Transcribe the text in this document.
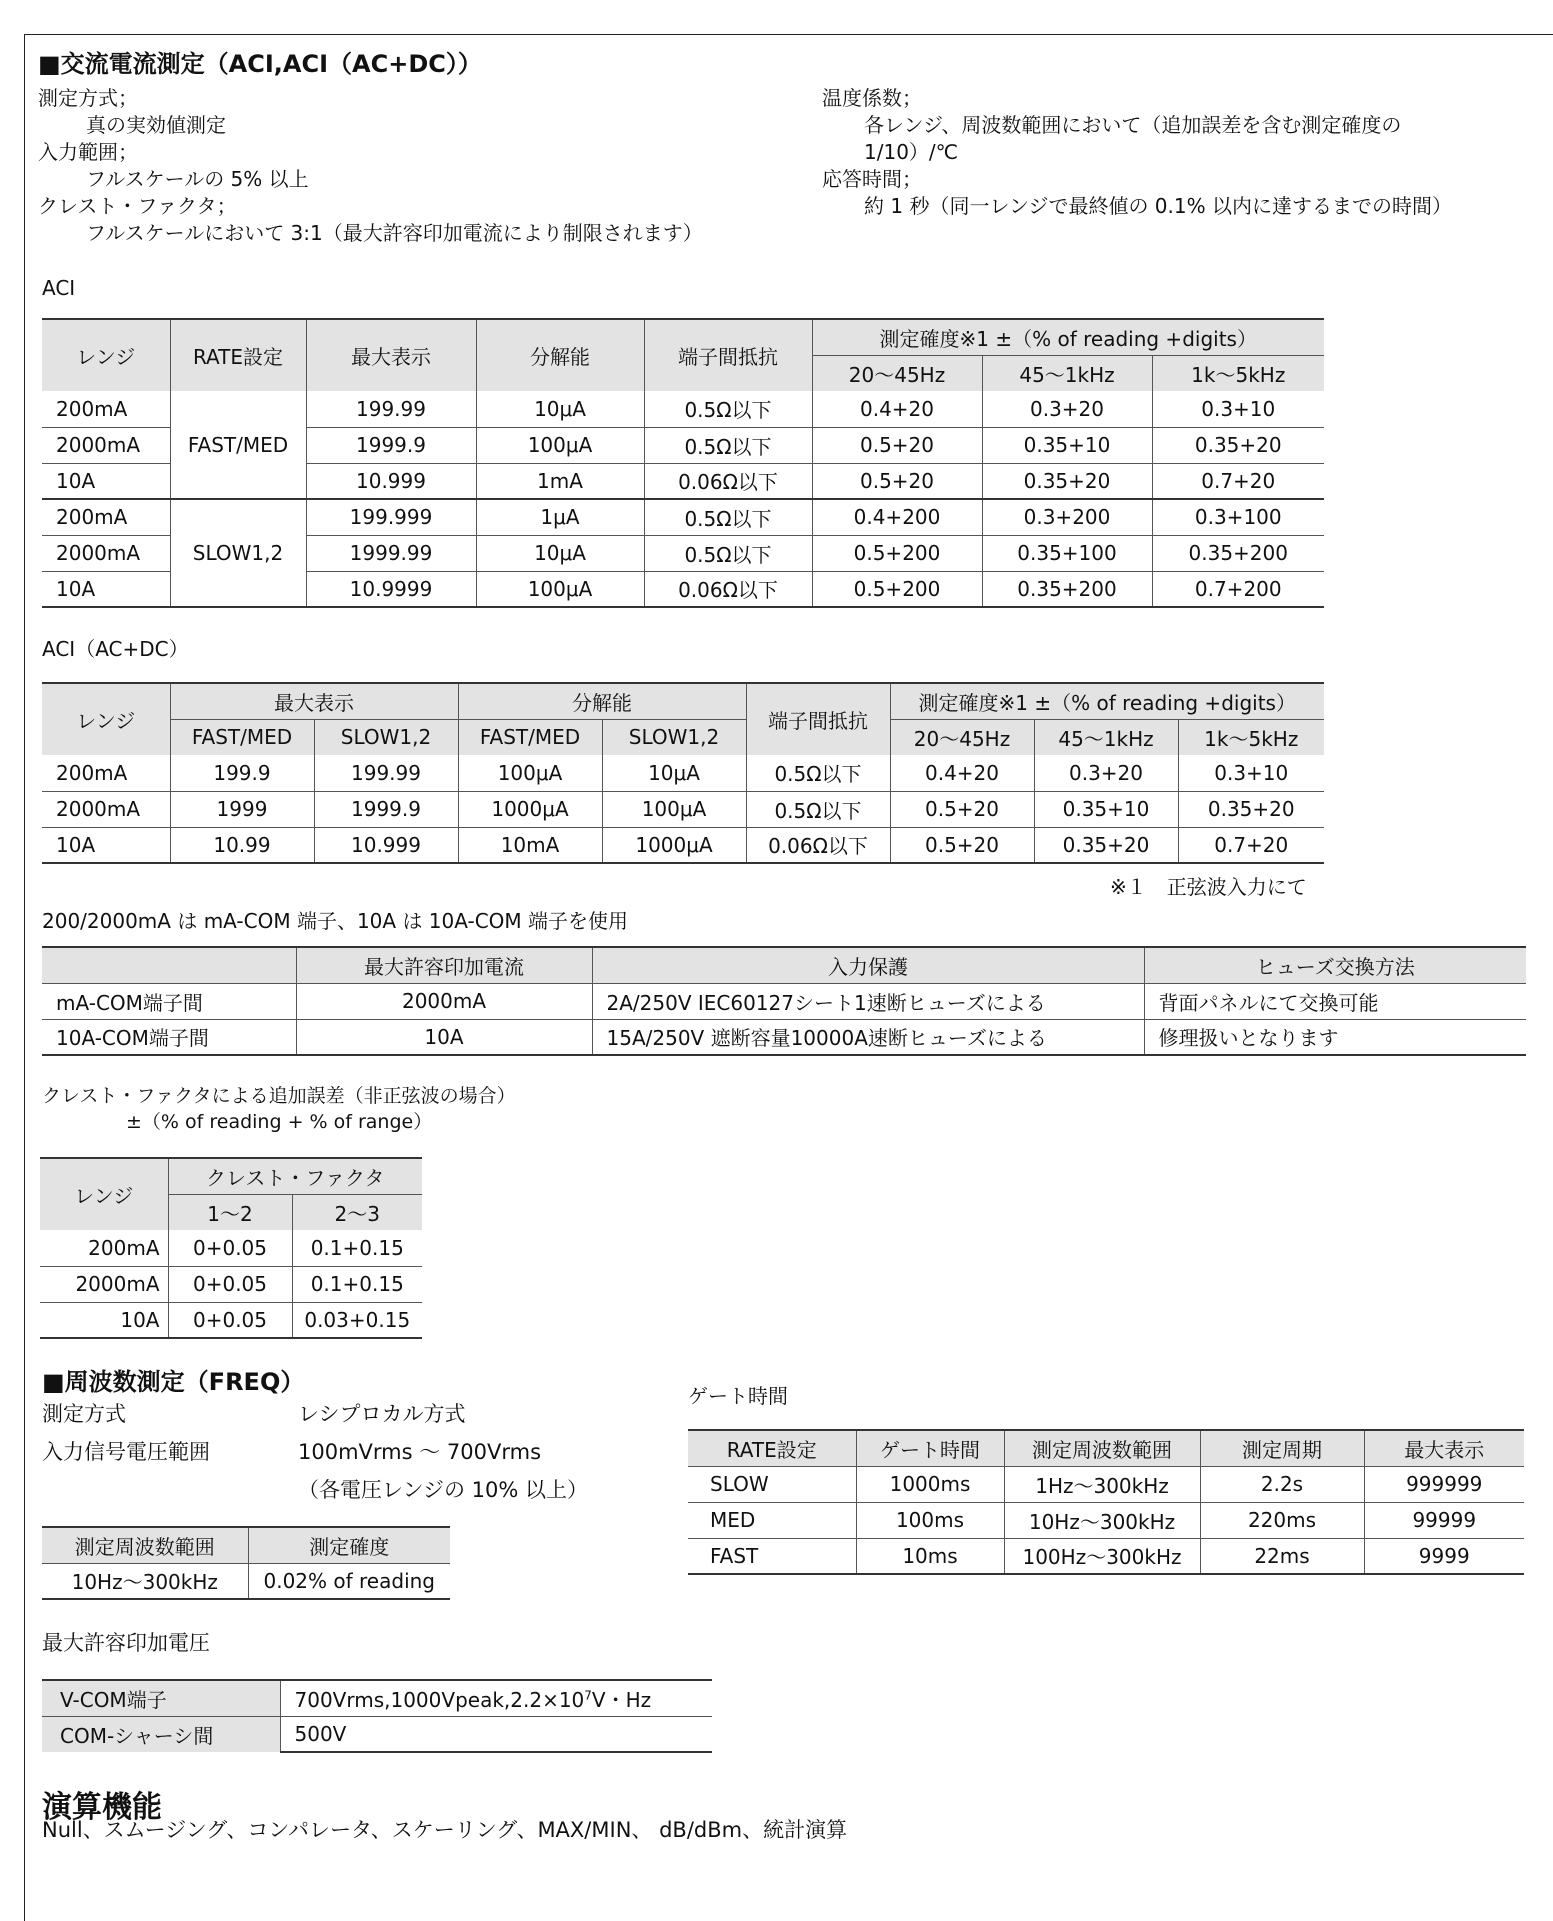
■交流電流測定（ACI,ACI（AC+DC））
測定方式；
真の実効値測定
入力範囲；
フルスケールの 5% 以上
クレスト・ファクタ；
フルスケールにおいて 3:1（最大許容印加電流により制限されます）
温度係数；
各レンジ、周波数範囲において（追加誤差を含む測定確度の
1/10）/℃
応答時間；
約 1 秒（同一レンジで最終値の 0.1% 以内に達するまでの時間）
ACI
レンジ	RATE設定	最大表示	分解能	端子間抵抗	測定確度※1 ±（% of reading +digits）		
					20〜45Hz	45〜1kHz	1k〜5kHz
200mA	FAST/MED	199.99	10μA	0.5Ω以下	0.4+20	0.3+20	0.3+10
2000mA		1999.9	100μA	0.5Ω以下	0.5+20	0.35+10	0.35+20
10A		10.999	1mA	0.06Ω以下	0.5+20	0.35+20	0.7+20
200mA	SLOW1,2	199.999	1μA	0.5Ω以下	0.4+200	0.3+200	0.3+100
2000mA		1999.99	10μA	0.5Ω以下	0.5+200	0.35+100	0.35+200
10A		10.9999	100μA	0.06Ω以下	0.5+200	0.35+200	0.7+200
ACI（AC+DC）
レンジ	最大表示		分解能		端子間抵抗	測定確度※1 ±（% of reading +digits）		
	FAST/MED	SLOW1,2	FAST/MED	SLOW1,2		20〜45Hz	45〜1kHz	1k〜5kHz
200mA	199.9	199.99	100μA	10μA	0.5Ω以下	0.4+20	0.3+20	0.3+10
2000mA	1999	1999.9	1000μA	100μA	0.5Ω以下	0.5+20	0.35+10	0.35+20
10A	10.99	10.999	10mA	1000μA	0.06Ω以下	0.5+20	0.35+20	0.7+20
※１　正弦波入力にて
200/2000mA は mA-COM 端子、10A は 10A-COM 端子を使用
	最大許容印加電流	入力保護	ヒューズ交換方法
mA-COM端子間	2000mA	2A/250V IEC60127シート1速断ヒューズによる	背面パネルにて交換可能
10A-COM端子間	10A	15A/250V 遮断容量10000A速断ヒューズによる	修理扱いとなります
クレスト・ファクタによる追加誤差（非正弦波の場合）
±（% of reading + % of range）
レンジ	クレスト・ファクタ	
	1〜2	2〜3
200mA	0+0.05	0.1+0.15
2000mA	0+0.05	0.1+0.15
10A	0+0.05	0.03+0.15
■周波数測定（FREQ）
測定方式	レシプロカル方式
入力信号電圧範囲	100mVrms 〜 700Vrms
（各電圧レンジの 10% 以上）
測定周波数範囲	測定確度
10Hz〜300kHz	0.02% of reading
ゲート時間
RATE設定	ゲート時間	測定周波数範囲	測定周期	最大表示
SLOW	1000ms	1Hz〜300kHz	2.2s	999999
MED	100ms	10Hz〜300kHz	220ms	99999
FAST	10ms	100Hz〜300kHz	22ms	9999
最大許容印加電圧
V-COM端子	$700Vrms,1000Vpeak,2.2\times 10^7V$・Hz
COM-シャーシ間	500V
演算機能
Null、スムージング、コンパレータ、スケーリング、MAX/MIN、 dB/dBm、統計演算
